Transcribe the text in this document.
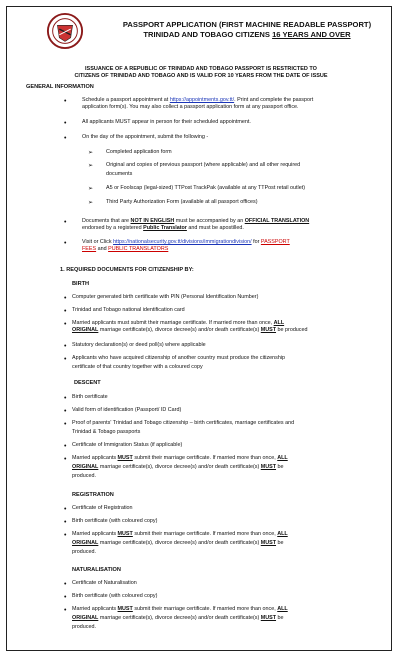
PASSPORT APPLICATION (FIRST MACHINE READABLE PASSPORT)
TRINIDAD AND TOBAGO CITIZENS 16 YEARS AND OVER
ISSUANCE OF A REPUBLIC OF TRINIDAD AND TOBAGO PASSPORT IS RESTRICTED TO
CITIZENS OF TRINIDAD AND TOBAGO AND IS VALID FOR 10 YEARS FROM THE DATE OF ISSUE
GENERAL INFORMATION
•	Schedule a passport appointment at https://appointments.gov.tt/. Print and complete the passport
application form(s). You may also collect a passport application form at any passport office.
•	All applicants MUST appear in person for their scheduled appointment.
•	On the day of the appointment, submit the following -
➢ Completed application form
➢ Original and copies of previous passport (where applicable) and all other required
documents
➢ A5 or Foolscap (legal-sized) TTPost TrackPak (available at any TTPost retail outlet)
➢ Third Party Authorization Form (available at all passport offices)
•	Documents that are NOT IN ENGLISH must be accompanied by an OFFICIAL TRANSLATION
endorsed by a registered Public Translator and must be apostilled.
•	Visit or Click https://nationalsecurity.gov.tt/divisions/immigrationdivision/ for PASSPORT
FEES and PUBLIC TRANSLATORS
1. REQUIRED DOCUMENTS FOR CITIZENSHIP BY:
BIRTH
• Computer generated birth certificate with PIN (Personal Identification Number)
• Trinidad and Tobago national identification card
• Married applicants must submit their marriage certificate. If married more than once, ALL
ORIGINAL marriage certificate(s), divorce decree(s) and/or death certificate(s) MUST be produced
• Statutory declaration(s) or deed poll(s) where applicable
• Applicants who have acquired citizenship of another country must produce the citizenship
certificate of that country together with a coloured copy
DESCENT
• Birth certificate
• Valid form of identification (Passport/ ID Card)
• Proof of parents' Trinidad and Tobago citizenship – birth certificates, marriage certificates and
Trinidad & Tobago passports
• Certificate of Immigration Status (if applicable)
• Married applicants MUST submit their marriage certificate. If married more than once, ALL
ORIGINAL marriage certificate(s), divorce decree(s) and/or death certificate(s) MUST be
produced.
REGISTRATION
• Certificate of Registration
• Birth certificate (with coloured copy)
• Married applicants MUST submit their marriage certificate. If married more than once, ALL
ORIGINAL marriage certificate(s), divorce decree(s) and/or death certificate(s) MUST be
produced.
NATURALISATION
• Certificate of Naturalisation
• Birth certificate (with coloured copy)
• Married applicants MUST submit their marriage certificate. If married more than once, ALL
ORIGINAL marriage certificate(s), divorce decree(s) and/or death certificate(s) MUST be
produced.
